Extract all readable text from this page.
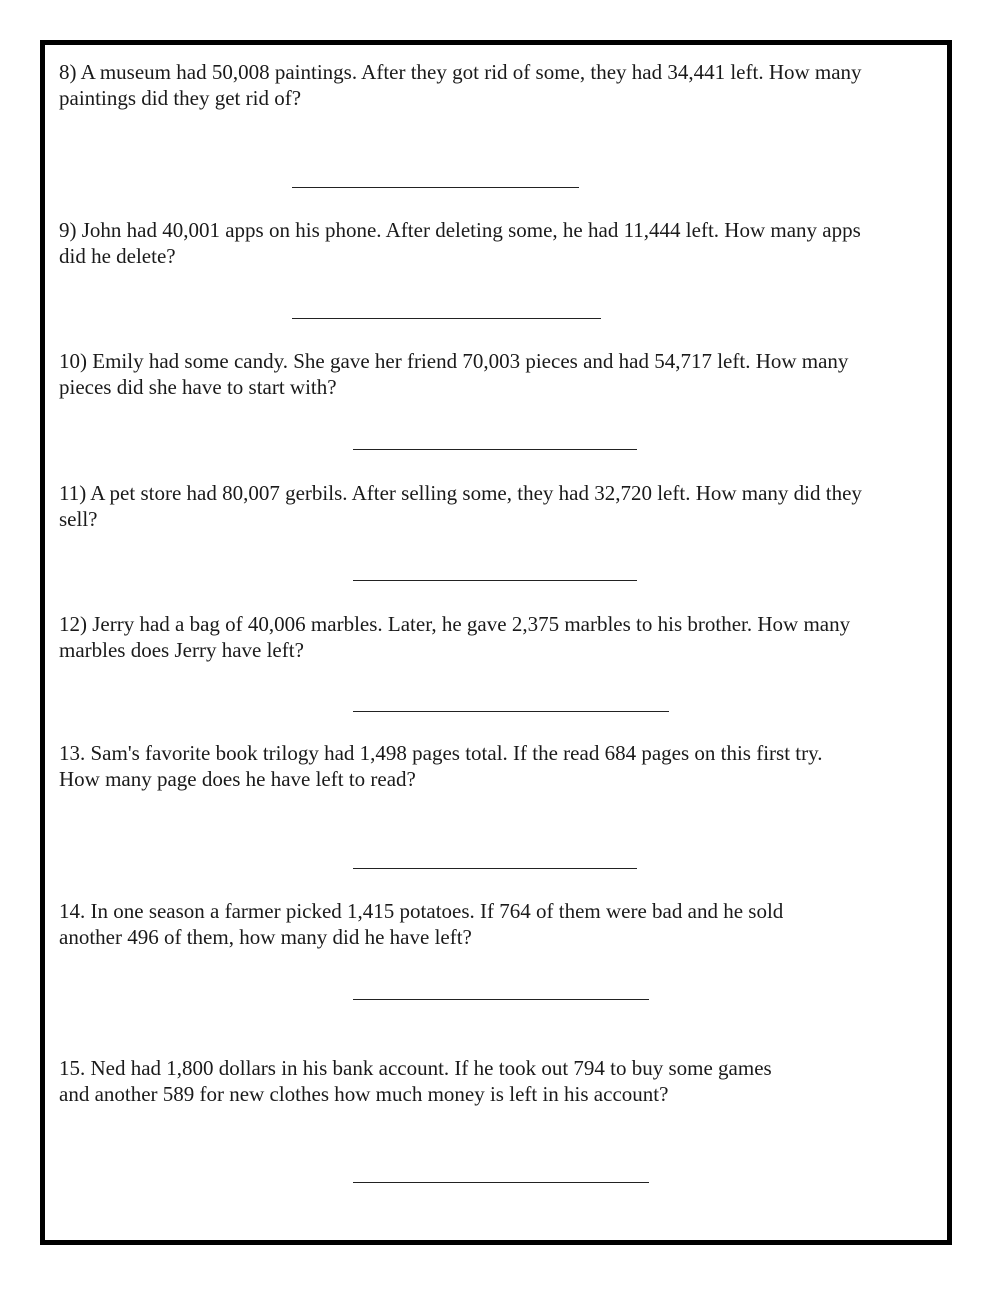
8) A museum had 50,008 paintings. After they got rid of some, they had 34,441 left. How many
paintings did they get rid of?

9) John had 40,001 apps on his phone. After deleting some, he had 11,444 left. How many apps
did he delete?

10) Emily had some candy. She gave her friend 70,003 pieces and had 54,717 left. How many
pieces did she have to start with?

11) A pet store had 80,007 gerbils. After selling some, they had 32,720 left. How many did they
sell?

12) Jerry had a bag of 40,006 marbles. Later, he gave 2,375 marbles to his brother. How many
marbles does Jerry have left?

13. Sam's favorite book trilogy had 1,498 pages total. If the read 684 pages on this first try.
How many page does he have left to read?

14. In one season a farmer picked 1,415 potatoes. If 764 of them were bad and he sold
another 496 of them, how many did he have left?

15. Ned had 1,800 dollars in his bank account. If he took out 794 to buy some games
and another 589 for new clothes how much money is left in his account?
